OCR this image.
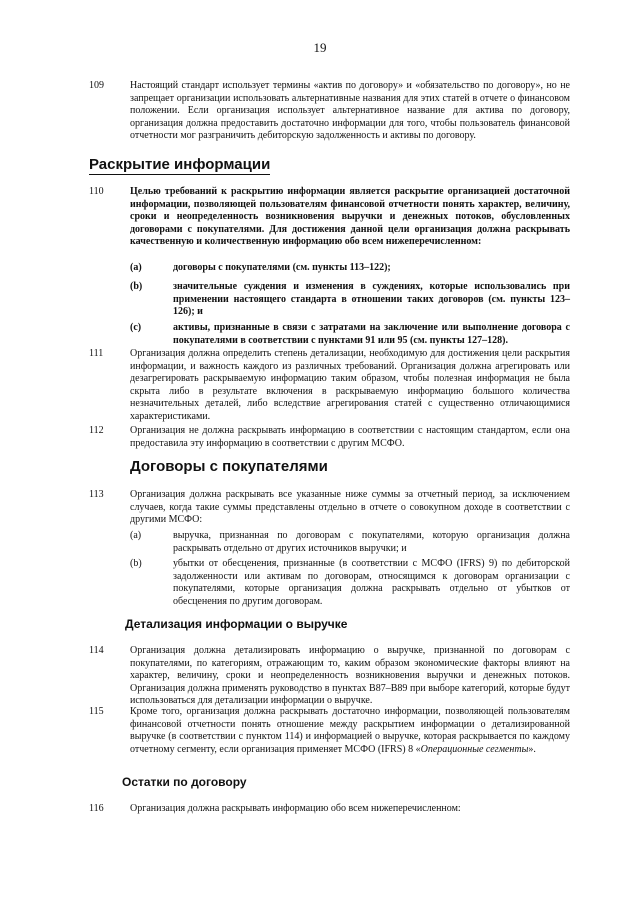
19
109	Настоящий стандарт использует термины «актив по договору» и «обязательство по договору», но не запрещает организации использовать альтернативные названия для этих статей в отчете о финансовом положении. Если организация использует альтернативное название для актива по договору, организация должна предоставить достаточно информации для того, чтобы пользователь финансовой отчетности мог разграничить дебиторскую задолженность и активы по договору.
Раскрытие информации
110	Целью требований к раскрытию информации является раскрытие организацией достаточной информации, позволяющей пользователям финансовой отчетности понять характер, величину, сроки и неопределенность возникновения выручки и денежных потоков, обусловленных договорами с покупателями. Для достижения данной цели организация должна раскрывать качественную и количественную информацию обо всем нижеперечисленном:
(a)	договоры с покупателями (см. пункты 113–122);
(b)	значительные суждения и изменения в суждениях, которые использовались при применении настоящего стандарта в отношении таких договоров (см. пункты 123–126); и
(c)	активы, признанные в связи с затратами на заключение или выполнение договора с покупателями в соответствии с пунктами 91 или 95 (см. пункты 127–128).
111	Организация должна определить степень детализации, необходимую для достижения цели раскрытия информации, и важность каждого из различных требований. Организация должна агрегировать или дезагрегировать раскрываемую информацию таким образом, чтобы полезная информация не была скрыта либо в результате включения в раскрываемую информацию большого количества незначительных деталей, либо вследствие агрегирования статей с существенно отличающимися характеристиками.
112	Организация не должна раскрывать информацию в соответствии с настоящим стандартом, если она предоставила эту информацию в соответствии с другим МСФО.
Договоры с покупателями
113	Организация должна раскрывать все указанные ниже суммы за отчетный период, за исключением случаев, когда такие суммы представлены отдельно в отчете о совокупном доходе в соответствии с другими МСФО:
(a)	выручка, признанная по договорам с покупателями, которую организация должна раскрывать отдельно от других источников выручки; и
(b)	убытки от обесценения, признанные (в соответствии с МСФО (IFRS) 9) по дебиторской задолженности или активам по договорам, относящимся к договорам организации с покупателями, которые организация должна раскрывать отдельно от убытков от обесценения по другим договорам.
Детализация информации о выручке
114	Организация должна детализировать информацию о выручке, признанной по договорам с покупателями, по категориям, отражающим то, каким образом экономические факторы влияют на характер, величину, сроки и неопределенность возникновения выручки и денежных потоков. Организация должна применять руководство в пунктах B87–B89 при выборе категорий, которые будут использоваться для детализации информации о выручке.
115	Кроме того, организация должна раскрывать достаточно информации, позволяющей пользователям финансовой отчетности понять отношение между раскрытием информации о детализированной выручке (в соответствии с пунктом 114) и информацией о выручке, которая раскрывается по каждому отчетному сегменту, если организация применяет МСФО (IFRS) 8 «Операционные сегменты».
Остатки по договору
116	Организация должна раскрывать информацию обо всем нижеперечисленном:
